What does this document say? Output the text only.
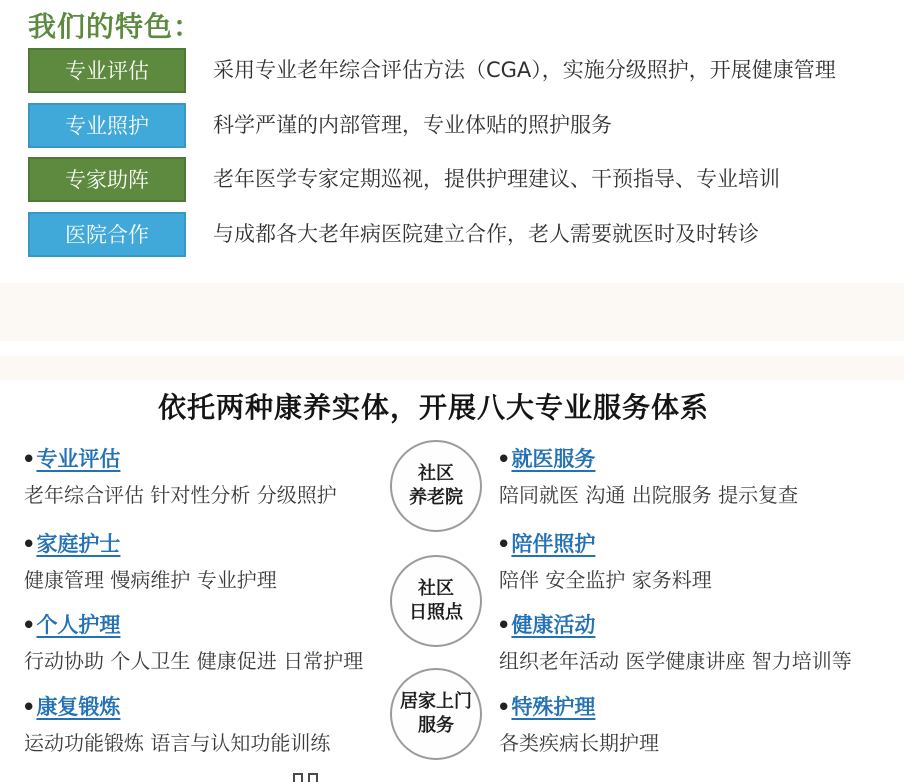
我们的特色：
专业评估	采用专业老年综合评估方法（CGA），实施分级照护，开展健康管理
专业照护	科学严谨的内部管理，专业体贴的照护服务
专家助阵	老年医学专家定期巡视，提供护理建议、干预指导、专业培训
医院合作	与成都各大老年病医院建立合作，老人需要就医时及时转诊
依托两种康养实体，开展八大专业服务体系
•专业评估
老年综合评估 针对性分析 分级照护
•家庭护士
健康管理 慢病维护 专业护理
•个人护理
行动协助 个人卫生 健康促进 日常护理
•康复锻炼
运动功能锻炼 语言与认知功能训练
社区
养老院
社区
日照点
居家上门
服务
•就医服务
陪同就医 沟通 出院服务 提示复查
•陪伴照护
陪伴 安全监护 家务料理
•健康活动
组织老年活动 医学健康讲座 智力培训等
•特殊护理
各类疾病长期护理
